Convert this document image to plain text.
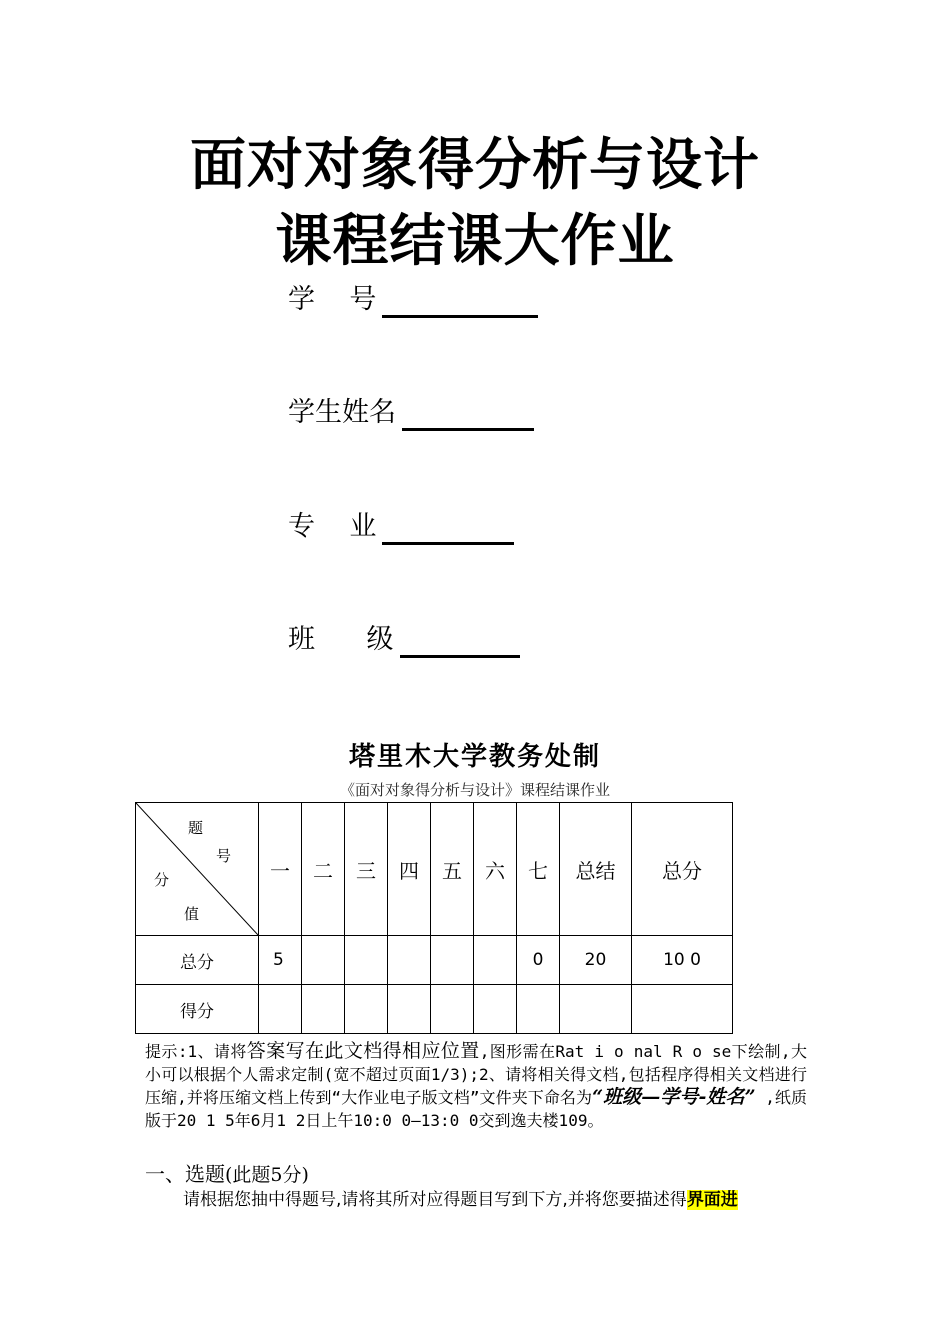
面对对象得分析与设计
课程结课大作业
学    号
学生姓名
专    业
班      级
塔里木大学教务处制
《面对对象得分析与设计》课程结课作业
题
号
分
值	一	二	三	四	五	六	七	总结	总分
总分	5						0	20	10 0
得分									
提示:1、请将答案写在此文档得相应位置,图形需在Rat i o nal R o se下绘制,大小可以根据个人需求定制(宽不超过页面1/3);2、请将相关得文档,包括程序得相关文档进行压缩,并将压缩文档上传到“大作业电子版文档”文件夹下命名为“班级—学号-姓名” ,纸质版于20 1 5年6月1 2日上午10:0 0—13:0 0交到逸夫楼109。
一、选题(此题5分)
请根据您抽中得题号,请将其所对应得题目写到下方,并将您要描述得界面进
